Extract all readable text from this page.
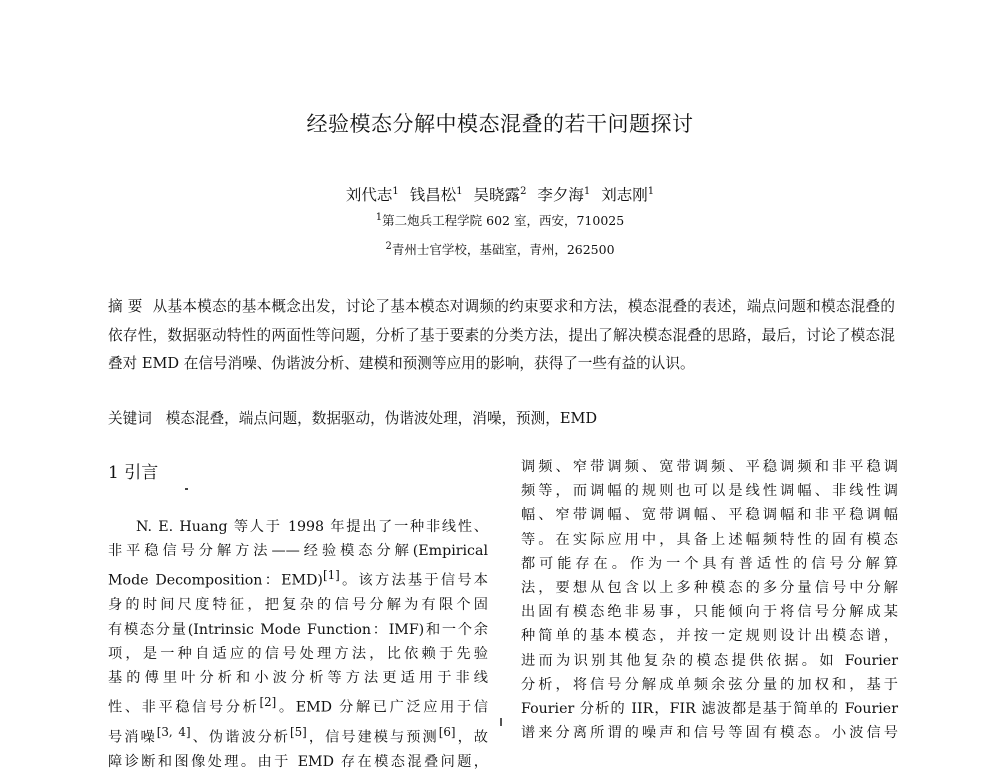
经验模态分解中模态混叠的若干问题探讨
刘代志$^1$ 钱昌松$^1$ 吴晓露$^2$ 李夕海$^1$ 刘志刚$^1$
$^1$第二炮兵工程学院 602 室，西安，710025
$^2$青州士官学校，基础室，青州，262500
摘 要 从基本模态的基本概念出发，讨论了基本模态对调频的约束要求和方法，模态混叠的表述，端点问题和模态混叠的依存性，数据驱动特性的两面性等问题，分析了基于要素的分类方法，提出了解决模态混叠的思路，最后，讨论了模态混叠对 EMD 在信号消噪、伪谐波分析、建模和预测等应用的影响，获得了一些有益的认识。
关键词 模态混叠，端点问题，数据驱动，伪谐波处理，消噪，预测，EMD
1 引言
N. E. Huang 等人于 1998 年提出了一种非线性、
非平稳信号分解方法——经验模态分解(Empirical
Mode Decomposition：EMD)[1]。该方法基于信号本
身的时间尺度特征，把复杂的信号分解为有限个固
有模态分量(Intrinsic Mode Function：IMF)和一个余
项，是一种自适应的信号处理方法，比依赖于先验
基的傅里叶分析和小波分析等方法更适用于非线
性、非平稳信号分析[2]。EMD 分解已广泛应用于信
号消噪[3, 4]、伪谐波分析[5]，信号建模与预测[6]，故
障诊断和图像处理。由于 EMD 存在模态混叠问题，
调频、窄带调频、宽带调频、平稳调频和非平稳调
频等，而调幅的规则也可以是线性调幅、非线性调
幅、窄带调幅、宽带调幅、平稳调幅和非平稳调幅
等。在实际应用中，具备上述幅频特性的固有模态
都可能存在。作为一个具有普适性的信号分解算
法，要想从包含以上多种模态的多分量信号中分解
出固有模态绝非易事，只能倾向于将信号分解成某
种简单的基本模态，并按一定规则设计出模态谱，
进而为识别其他复杂的模态提供依据。如 Fourier
分析，将信号分解成单频余弦分量的加权和，基于
Fourier 分析的 IIR，FIR 滤波都是基于简单的 Fourier
谱来分离所谓的噪声和信号等固有模态。小波信号
